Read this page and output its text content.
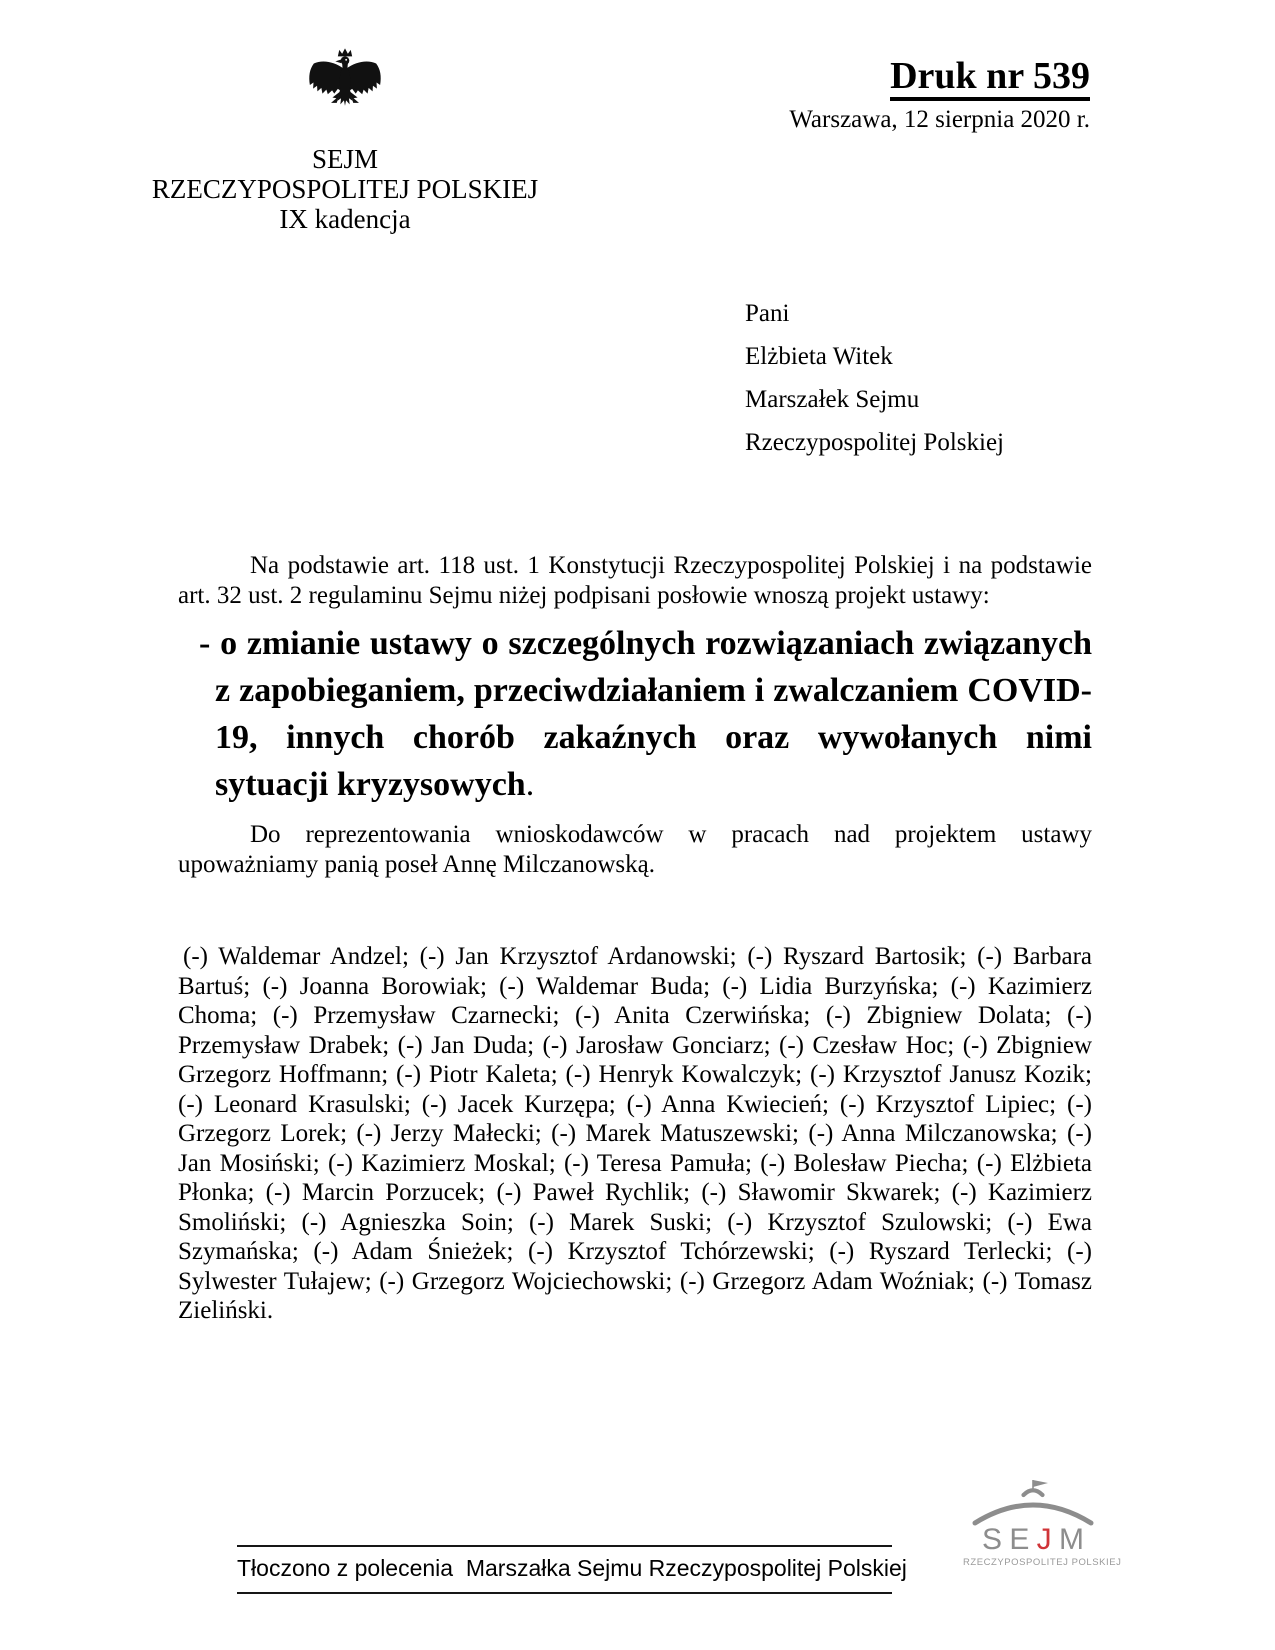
SEJM
RZECZYPOSPOLITEJ POLSKIEJ
IX kadencja
Druk nr 539
Warszawa, 12 sierpnia 2020 r.
Pani
Elżbieta Witek
Marszałek Sejmu
Rzeczypospolitej Polskiej

Na podstawie art. 118 ust. 1 Konstytucji Rzeczypospolitej Polskiej i na podstawie art. 32 ust. 2 regulaminu Sejmu niżej podpisani posłowie wnoszą projekt ustawy:

- o zmianie ustawy o szczególnych rozwiązaniach związanych z zapobieganiem, przeciwdziałaniem i zwalczaniem COVID-19, innych chorób zakaźnych oraz wywołanych nimi sytuacji kryzysowych.

Do reprezentowania wnioskodawców w pracach nad projektem ustawy upoważniamy panią poseł Annę Milczanowską.

(-) Waldemar Andzel; (-) Jan Krzysztof Ardanowski; (-) Ryszard Bartosik; (-) Barbara Bartuś; (-) Joanna Borowiak; (-) Waldemar Buda; (-) Lidia Burzyńska; (-) Kazimierz Choma; (-) Przemysław Czarnecki; (-) Anita Czerwińska; (-) Zbigniew Dolata; (-) Przemysław Drabek; (-) Jan Duda; (-) Jarosław Gonciarz; (-) Czesław Hoc; (-) Zbigniew Grzegorz Hoffmann; (-) Piotr Kaleta; (-) Henryk Kowalczyk; (-) Krzysztof Janusz Kozik; (-) Leonard Krasulski; (-) Jacek Kurzępa; (-) Anna Kwiecień; (-) Krzysztof Lipiec; (-) Grzegorz Lorek; (-) Jerzy Małecki; (-) Marek Matuszewski; (-) Anna Milczanowska; (-) Jan Mosiński; (-) Kazimierz Moskal; (-) Teresa Pamuła; (-) Bolesław Piecha; (-) Elżbieta Płonka; (-) Marcin Porzucek; (-) Paweł Rychlik; (-) Sławomir Skwarek; (-) Kazimierz Smoliński; (-) Agnieszka Soin; (-) Marek Suski; (-) Krzysztof Szulowski; (-) Ewa Szymańska; (-) Adam Śnieżek; (-) Krzysztof Tchórzewski; (-) Ryszard Terlecki; (-) Sylwester Tułajew; (-) Grzegorz Wojciechowski; (-) Grzegorz Adam Woźniak; (-) Tomasz Zieliński.

Tłoczono z polecenia  Marszałka Sejmu Rzeczypospolitej Polskiej
S E J M
RZECZYPOSPOLITEJ POLSKIEJ
